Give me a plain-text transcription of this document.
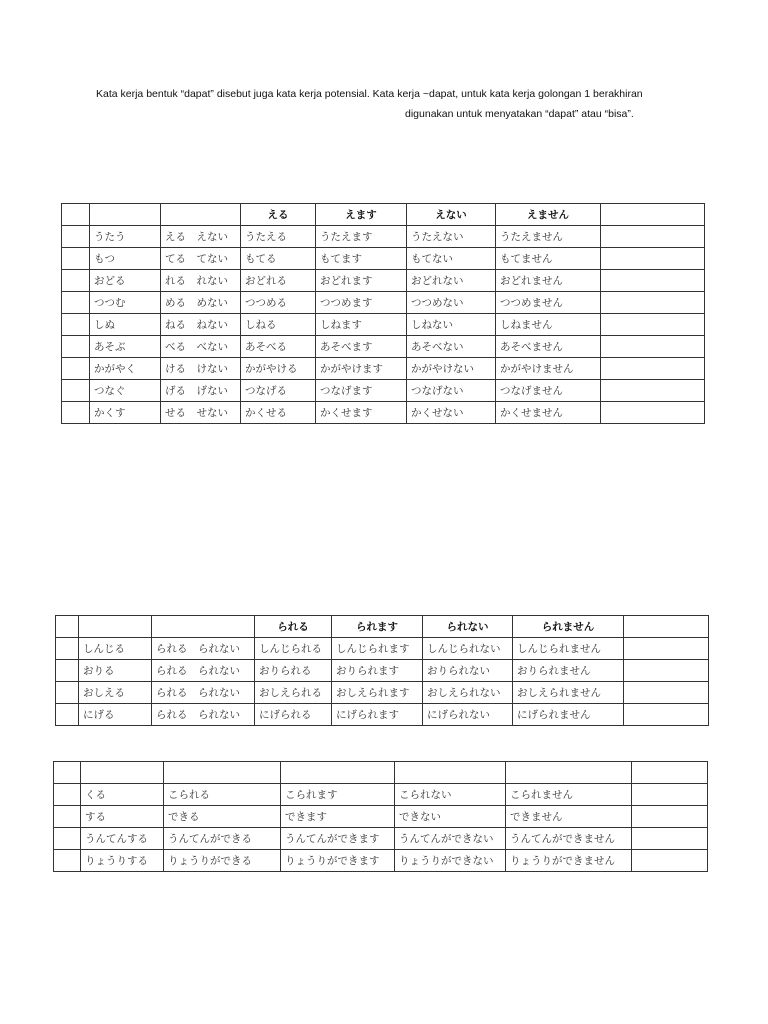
Kata kerja bentuk “dapat” disebut juga kata kerja potensial. Kata kerja ~dapat, untuk kata kerja golongan 1 berakhiran
digunakan untuk menyatakan “dapat” atau “bisa”.
			える	えます	えない	えません	
	うたう	える　えない	うたえる	うたえます	うたえない	うたえません	
	もつ	てる　てない	もてる	もてます	もてない	もてません	
	おどる	れる　れない	おどれる	おどれます	おどれない	おどれません	
	つつむ	める　めない	つつめる	つつめます	つつめない	つつめません	
	しぬ	ねる　ねない	しねる	しねます	しねない	しねません	
	あそぶ	べる　べない	あそべる	あそべます	あそべない	あそべません	
	かがやく	ける　けない	かがやける	かがやけます	かがやけない	かがやけません	
	つなぐ	げる　げない	つなげる	つなげます	つなげない	つなげません	
	かくす	せる　せない	かくせる	かくせます	かくせない	かくせません	
			られる	られます	られない	られません	
	しんじる	られる　られない	しんじられる	しんじられます	しんじられない	しんじられません	
	おりる	られる　られない	おりられる	おりられます	おりられない	おりられません	
	おしえる	られる　られない	おしえられる	おしえられます	おしえられない	おしえられません	
	にげる	られる　られない	にげられる	にげられます	にげられない	にげられません	

	くる	こられる	こられます	こられない	こられません	
	する	できる	できます	できない	できません	
	うんてんする	うんてんができる	うんてんができます	うんてんができない	うんてんができません	
	りょうりする	りょうりができる	りょうりができます	りょうりができない	りょうりができません	
